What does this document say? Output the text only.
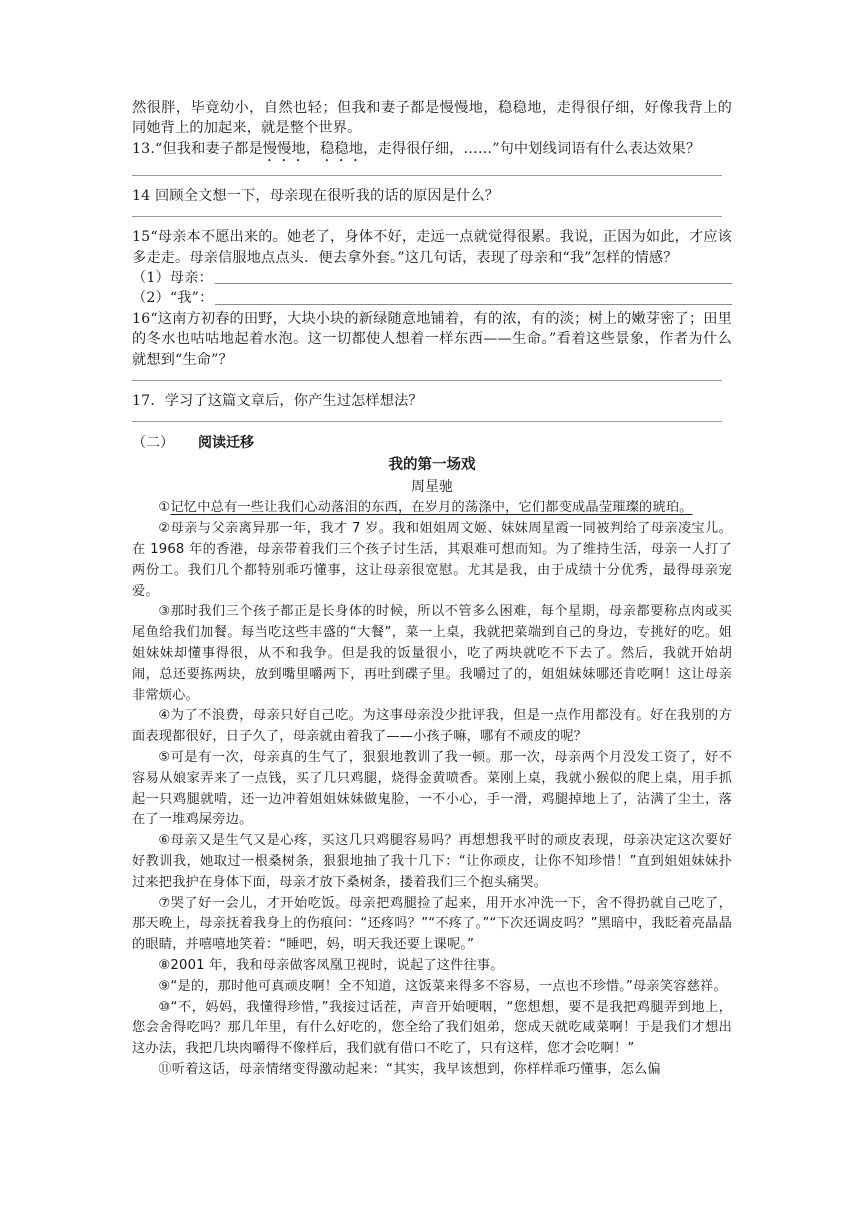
然很胖，毕竟幼小，自然也轻；但我和妻子都是慢慢地，稳稳地，走得很仔细，好像我背上的同她背上的加起来，就是整个世界。

13.“但我和妻子都是慢慢地，稳稳地，走得很仔细，……”句中划线词语有什么表达效果？

14 回顾全文想一下，母亲现在很听我的话的原因是什么？

15“母亲本不愿出来的。她老了，身体不好，走远一点就觉得很累。我说，正因为如此，才应该多走走。母亲信服地点点头．便去拿外套。”这几句话，表现了母亲和“我”怎样的情感？

（1）母亲：
（2）“我”：

16“这南方初春的田野，大块小块的新绿随意地铺着，有的浓，有的淡；树上的嫩芽密了；田里的冬水也咕咕地起着水泡。这一切都使人想着一样东西——生命。”看着这些景象，作者为什么就想到“生命”？

17．学习了这篇文章后，你产生过怎样想法？

（二） 阅读迁移

我的第一场戏

周星驰

①记忆中总有一些让我们心动落泪的东西，在岁月的荡涤中，它们都变成晶莹璀璨的琥珀。

②母亲与父亲离异那一年，我才 7 岁。我和姐姐周文姬、妹妹周星霞一同被判给了母亲凌宝儿。在 1968 年的香港，母亲带着我们三个孩子讨生活，其艰难可想而知。为了维持生活，母亲一人打了两份工。我们几个都特别乖巧懂事，这让母亲很宽慰。尤其是我，由于成绩十分优秀，最得母亲宠爱。

③那时我们三个孩子都正是长身体的时候，所以不管多么困难，每个星期，母亲都要称点肉或买尾鱼给我们加餐。每当吃这些丰盛的“大餐”，菜一上桌，我就把菜端到自己的身边，专挑好的吃。姐姐妹妹却懂事得很，从不和我争。但是我的饭量很小，吃了两块就吃不下去了。然后，我就开始胡闹，总还要拣两块，放到嘴里嚼两下，再吐到碟子里。我嚼过了的，姐姐妹妹哪还肯吃啊！这让母亲非常烦心。

④为了不浪费，母亲只好自己吃。为这事母亲没少批评我，但是一点作用都没有。好在我别的方面表现都很好，日子久了，母亲就由着我了——小孩子嘛，哪有不顽皮的呢？

⑤可是有一次，母亲真的生气了，狠狠地教训了我一顿。那一次，母亲两个月没发工资了，好不容易从娘家弄来了一点钱，买了几只鸡腿，烧得金黄喷香。菜刚上桌，我就小猴似的爬上桌，用手抓起一只鸡腿就啃，还一边冲着姐姐妹妹做鬼脸，一不小心，手一滑，鸡腿掉地上了，沾满了尘土，落在了一堆鸡屎旁边。

⑥母亲又是生气又是心疼，买这几只鸡腿容易吗？再想想我平时的顽皮表现，母亲决定这次要好好教训我，她取过一根桑树条，狠狠地抽了我十几下：“让你顽皮，让你不知珍惜！”直到姐姐妹妹扑过来把我护在身体下面，母亲才放下桑树条，搂着我们三个抱头痛哭。

⑦哭了好一会儿，才开始吃饭。母亲把鸡腿捡了起来，用开水冲洗一下，舍不得扔就自己吃了，那天晚上，母亲抚着我身上的伤痕问：“还疼吗？”“不疼了。”“下次还调皮吗？”黑暗中，我眨着亮晶晶的眼睛，并嘻嘻地笑着：“睡吧，妈，明天我还要上课呢。”

⑧2001 年，我和母亲做客凤凰卫视时，说起了这件往事。

⑨“是的，那时他可真顽皮啊！全不知道，这饭菜来得多不容易，一点也不珍惜。”母亲笑容慈祥。

⑩“不，妈妈，我懂得珍惜，”我接过话茬，声音开始哽咽，“您想想，要不是我把鸡腿弄到地上，您会舍得吃吗？那几年里，有什么好吃的，您全给了我们姐弟，您成天就吃咸菜啊！于是我们才想出这办法，我把几块肉嚼得不像样后，我们就有借口不吃了，只有这样，您才会吃啊！”

⑪听着这话，母亲情绪变得激动起来：“其实，我早该想到，你样样乖巧懂事，怎么偏
